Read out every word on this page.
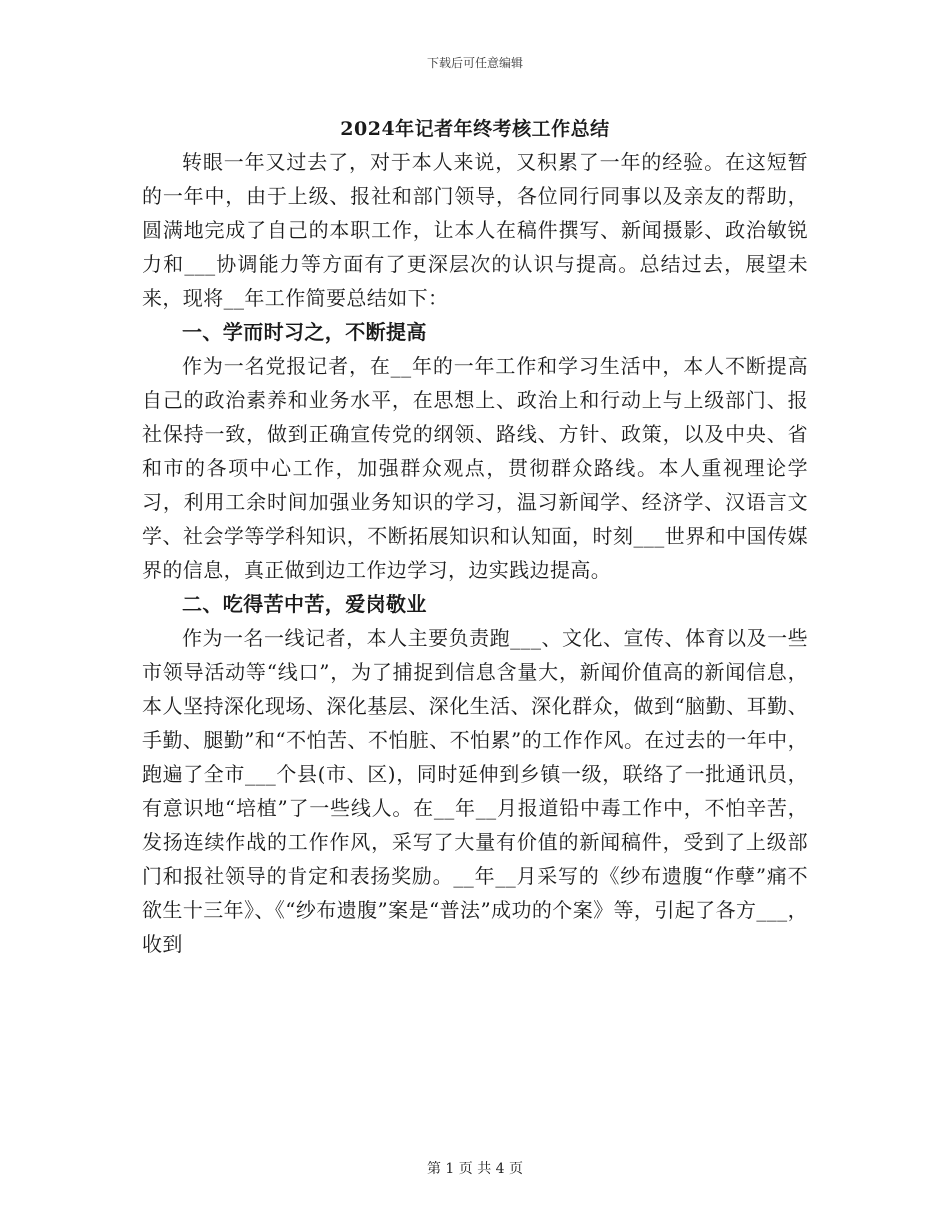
下载后可任意编辑
2024年记者年终考核工作总结

转眼一年又过去了，对于本人来说，又积累了一年的经验。在这短暂的一年中，由于上级、报社和部门领导，各位同行同事以及亲友的帮助，圆满地完成了自己的本职工作，让本人在稿件撰写、新闻摄影、政治敏锐力和___协调能力等方面有了更深层次的认识与提高。总结过去，展望未来，现将__年工作简要总结如下：

一、学而时习之，不断提高

作为一名党报记者，在__年的一年工作和学习生活中，本人不断提高自己的政治素养和业务水平，在思想上、政治上和行动上与上级部门、报社保持一致，做到正确宣传党的纲领、路线、方针、政策，以及中央、省和市的各项中心工作，加强群众观点，贯彻群众路线。本人重视理论学习，利用工余时间加强业务知识的学习，温习新闻学、经济学、汉语言文学、社会学等学科知识，不断拓展知识和认知面，时刻___世界和中国传媒界的信息，真正做到边工作边学习，边实践边提高。

二、吃得苦中苦，爱岗敬业

作为一名一线记者，本人主要负责跑___、文化、宣传、体育以及一些市领导活动等“线口”，为了捕捉到信息含量大，新闻价值高的新闻信息，本人坚持深化现场、深化基层、深化生活、深化群众，做到“脑勤、耳勤、手勤、腿勤”和“不怕苦、不怕脏、不怕累”的工作作风。在过去的一年中，跑遍了全市___个县(市、区)，同时延伸到乡镇一级，联络了一批通讯员，有意识地“培植”了一些线人。在__年__月报道铅中毒工作中，不怕辛苦，发扬连续作战的工作作风，采写了大量有价值的新闻稿件，受到了上级部门和报社领导的肯定和表扬奖励。__年__月采写的《纱布遗腹“作孽”痛不欲生十三年》、《“纱布遗腹”案是“普法”成功的个案》等，引起了各方___，收到

第 1 页 共 4 页
